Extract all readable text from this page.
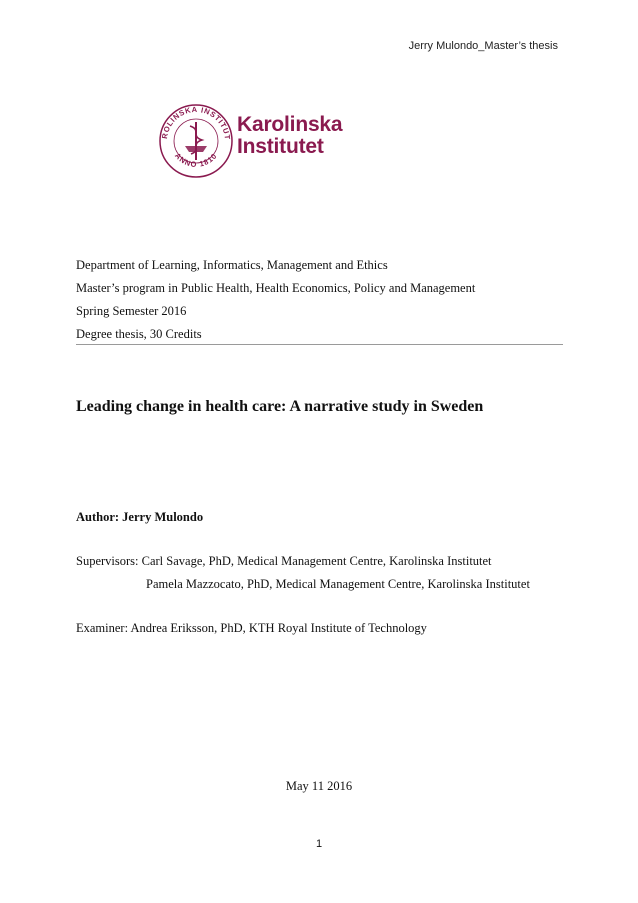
Jerry Mulondo_Master’s thesis
ROLINSKA INSTITUT
ANNO 1810
Karolinska
Institutet
Department of Learning, Informatics, Management and Ethics
Master’s program in Public Health, Health Economics, Policy and Management
Spring Semester 2016
Degree thesis, 30 Credits
Leading change in health care: A narrative study in Sweden
Author: Jerry Mulondo
Supervisors: Carl Savage, PhD, Medical Management Centre, Karolinska Institutet
Pamela Mazzocato, PhD, Medical Management Centre, Karolinska Institutet
Examiner: Andrea Eriksson, PhD, KTH Royal Institute of Technology
May 11 2016
1
